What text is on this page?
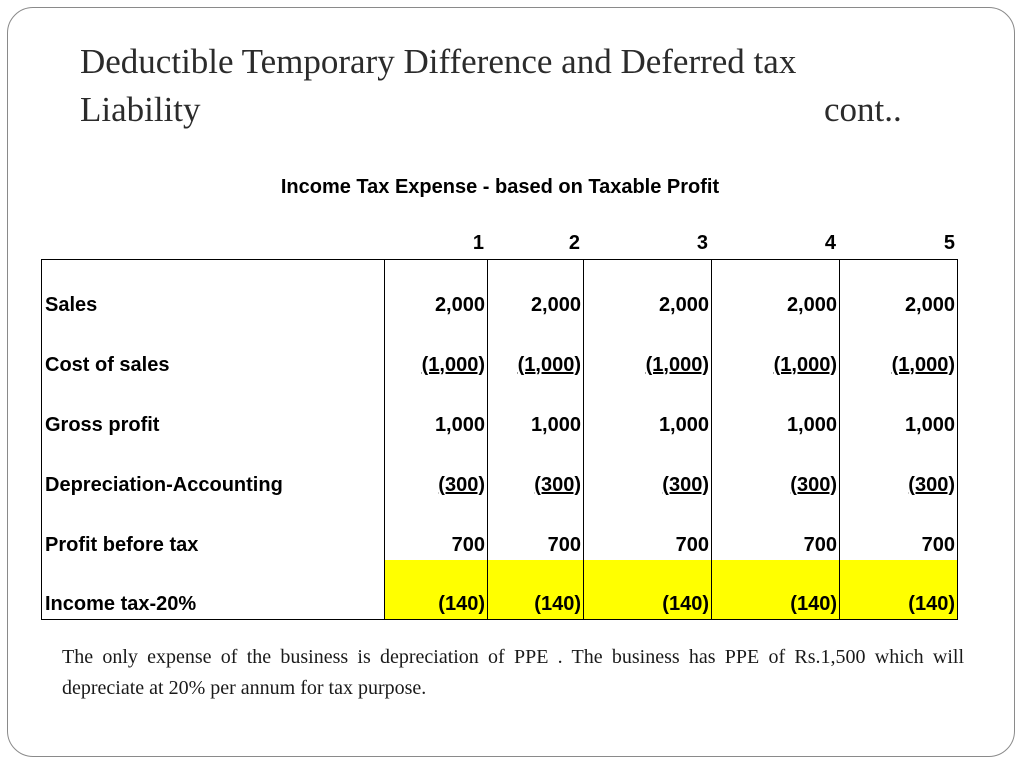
Deductible Temporary Difference and Deferred tax
Liability	cont..
Income Tax Expense - based on Taxable Profit
1	2	3	4	5
Sales	2,000	2,000	2,000	2,000	2,000
Cost of sales	(1,000)	(1,000)	(1,000)	(1,000)	(1,000)
Gross profit	1,000	1,000	1,000	1,000	1,000
Depreciation-Accounting	(300)	(300)	(300)	(300)	(300)
Profit before tax	700	700	700	700	700
Income tax-20%	(140)	(140)	(140)	(140)	(140)
The only expense of the business is depreciation of PPE . The business has PPE of Rs.1,500 which will depreciate at 20% per annum for tax purpose.
